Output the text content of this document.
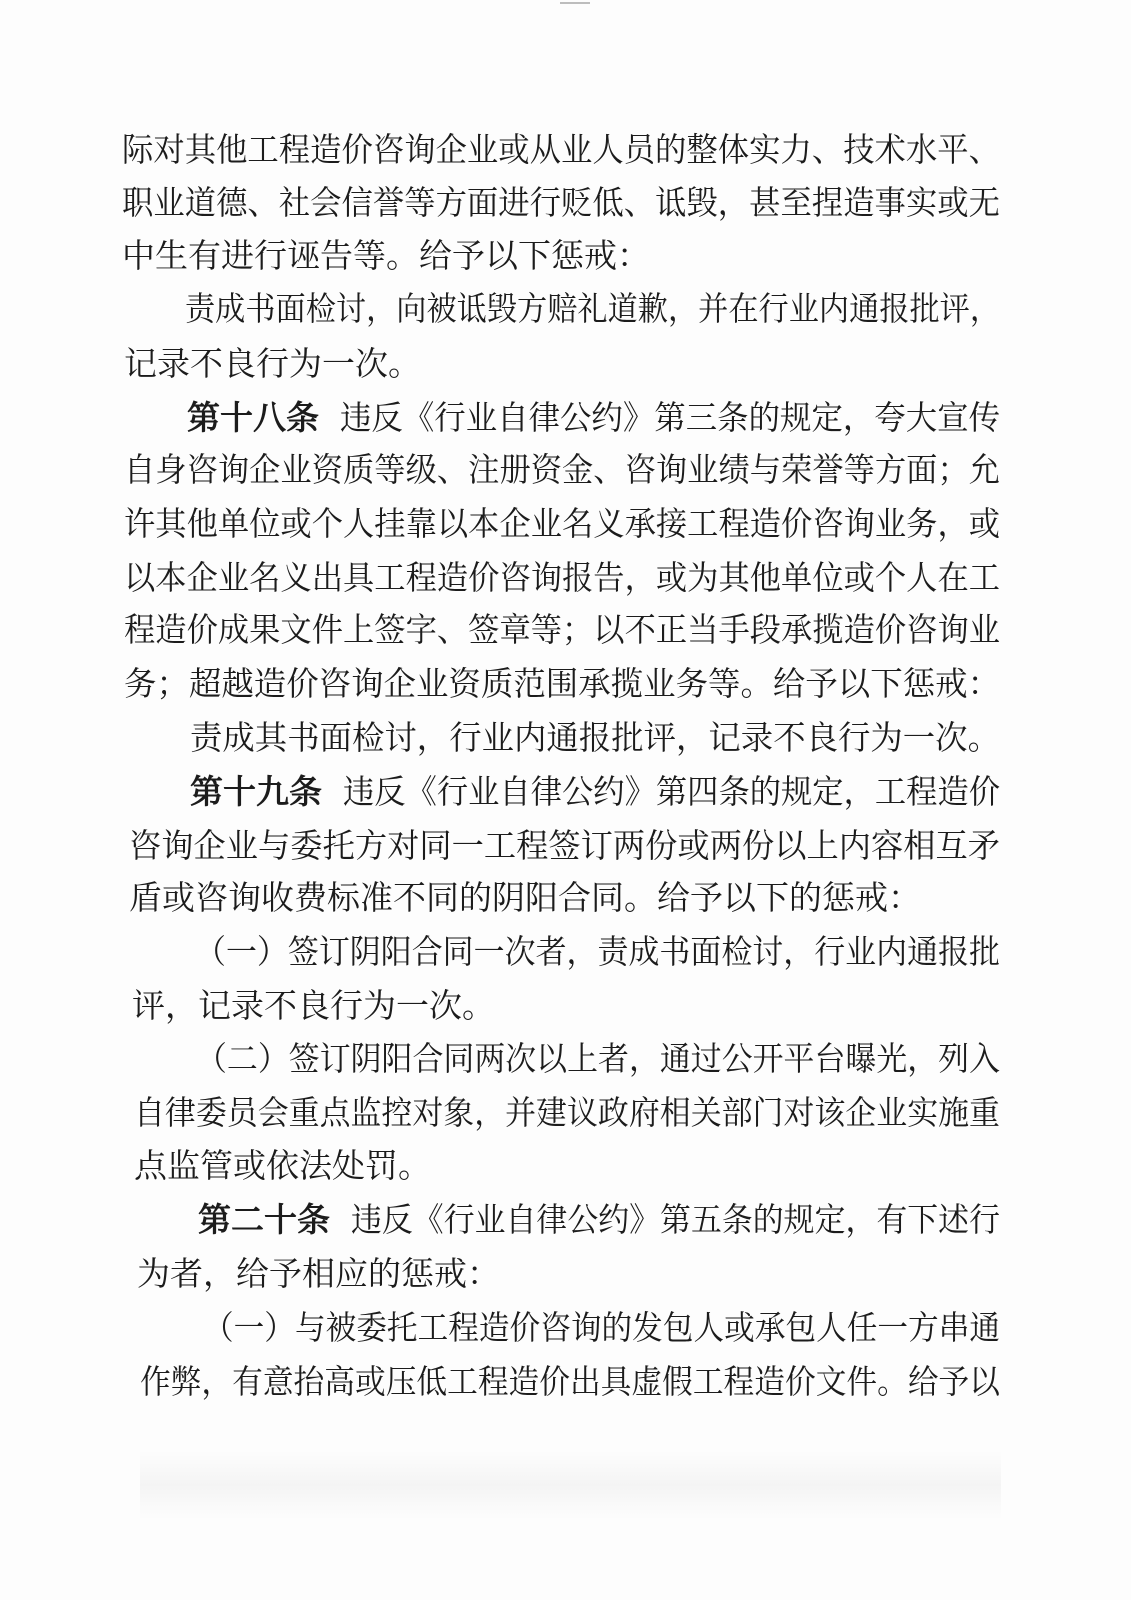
际对其他工程造价咨询企业或从业人员的整体实力、技术水平、
职业道德、社会信誉等方面进行贬低、诋毁，甚至捏造事实或无
中生有进行诬告等。给予以下惩戒：
责成书面检讨，向被诋毁方赔礼道歉，并在行业内通报批评，
记录不良行为一次。
第十八条 违反《行业自律公约》第三条的规定，夸大宣传
自身咨询企业资质等级、注册资金、咨询业绩与荣誉等方面；允
许其他单位或个人挂靠以本企业名义承接工程造价咨询业务，或
以本企业名义出具工程造价咨询报告，或为其他单位或个人在工
程造价成果文件上签字、签章等；以不正当手段承揽造价咨询业
务；超越造价咨询企业资质范围承揽业务等。给予以下惩戒：
责成其书面检讨，行业内通报批评，记录不良行为一次。
第十九条 违反《行业自律公约》第四条的规定，工程造价
咨询企业与委托方对同一工程签订两份或两份以上内容相互矛
盾或咨询收费标准不同的阴阳合同。给予以下的惩戒：
（一）签订阴阳合同一次者，责成书面检讨，行业内通报批
评，记录不良行为一次。
（二）签订阴阳合同两次以上者，通过公开平台曝光，列入
自律委员会重点监控对象，并建议政府相关部门对该企业实施重
点监管或依法处罚。
第二十条 违反《行业自律公约》第五条的规定，有下述行
为者，给予相应的惩戒：
（一）与被委托工程造价咨询的发包人或承包人任一方串通
作弊，有意抬高或压低工程造价出具虚假工程造价文件。给予以
